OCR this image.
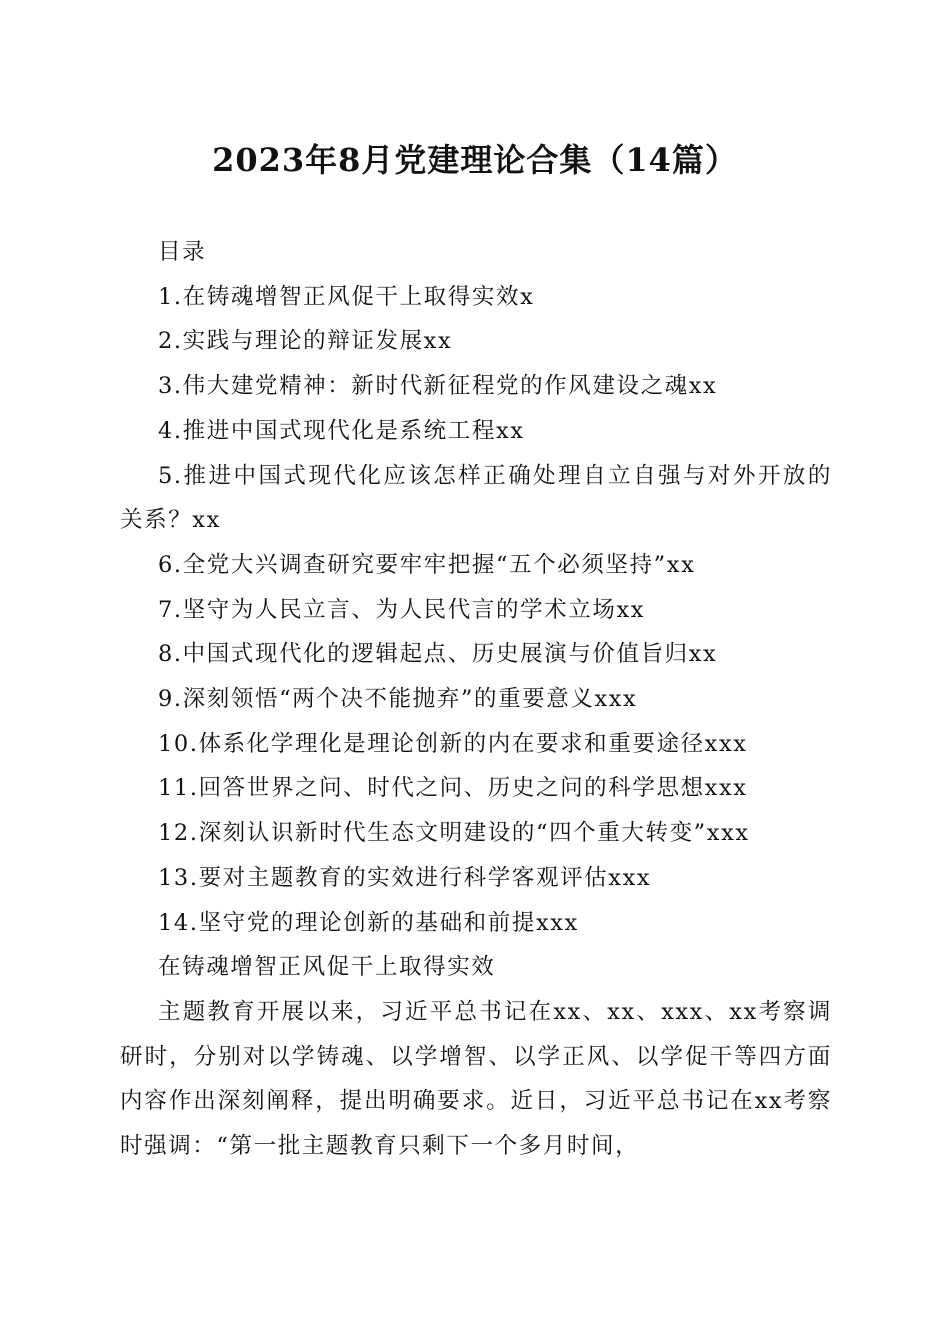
2023年8月党建理论合集（14篇）
目录
1.在铸魂增智正风促干上取得实效x
2.实践与理论的辩证发展xx
3.伟大建党精神：新时代新征程党的作风建设之魂xx
4.推进中国式现代化是系统工程xx
5.推进中国式现代化应该怎样正确处理自立自强与对外开放的关系？xx
6.全党大兴调查研究要牢牢把握“五个必须坚持”xx
7.坚守为人民立言、为人民代言的学术立场xx
8.中国式现代化的逻辑起点、历史展演与价值旨归xx
9.深刻领悟“两个决不能抛弃”的重要意义xxx
10.体系化学理化是理论创新的内在要求和重要途径xxx
11.回答世界之问、时代之问、历史之问的科学思想xxx
12.深刻认识新时代生态文明建设的“四个重大转变”xxx
13.要对主题教育的实效进行科学客观评估xxx
14.坚守党的理论创新的基础和前提xxx
在铸魂增智正风促干上取得实效
主题教育开展以来，习近平总书记在xx、xx、xxx、xx考察调研时，分别对以学铸魂、以学增智、以学正风、以学促干等四方面内容作出深刻阐释，提出明确要求。近日，习近平总书记在xx考察时强调：“第一批主题教育只剩下一个多月时间，
